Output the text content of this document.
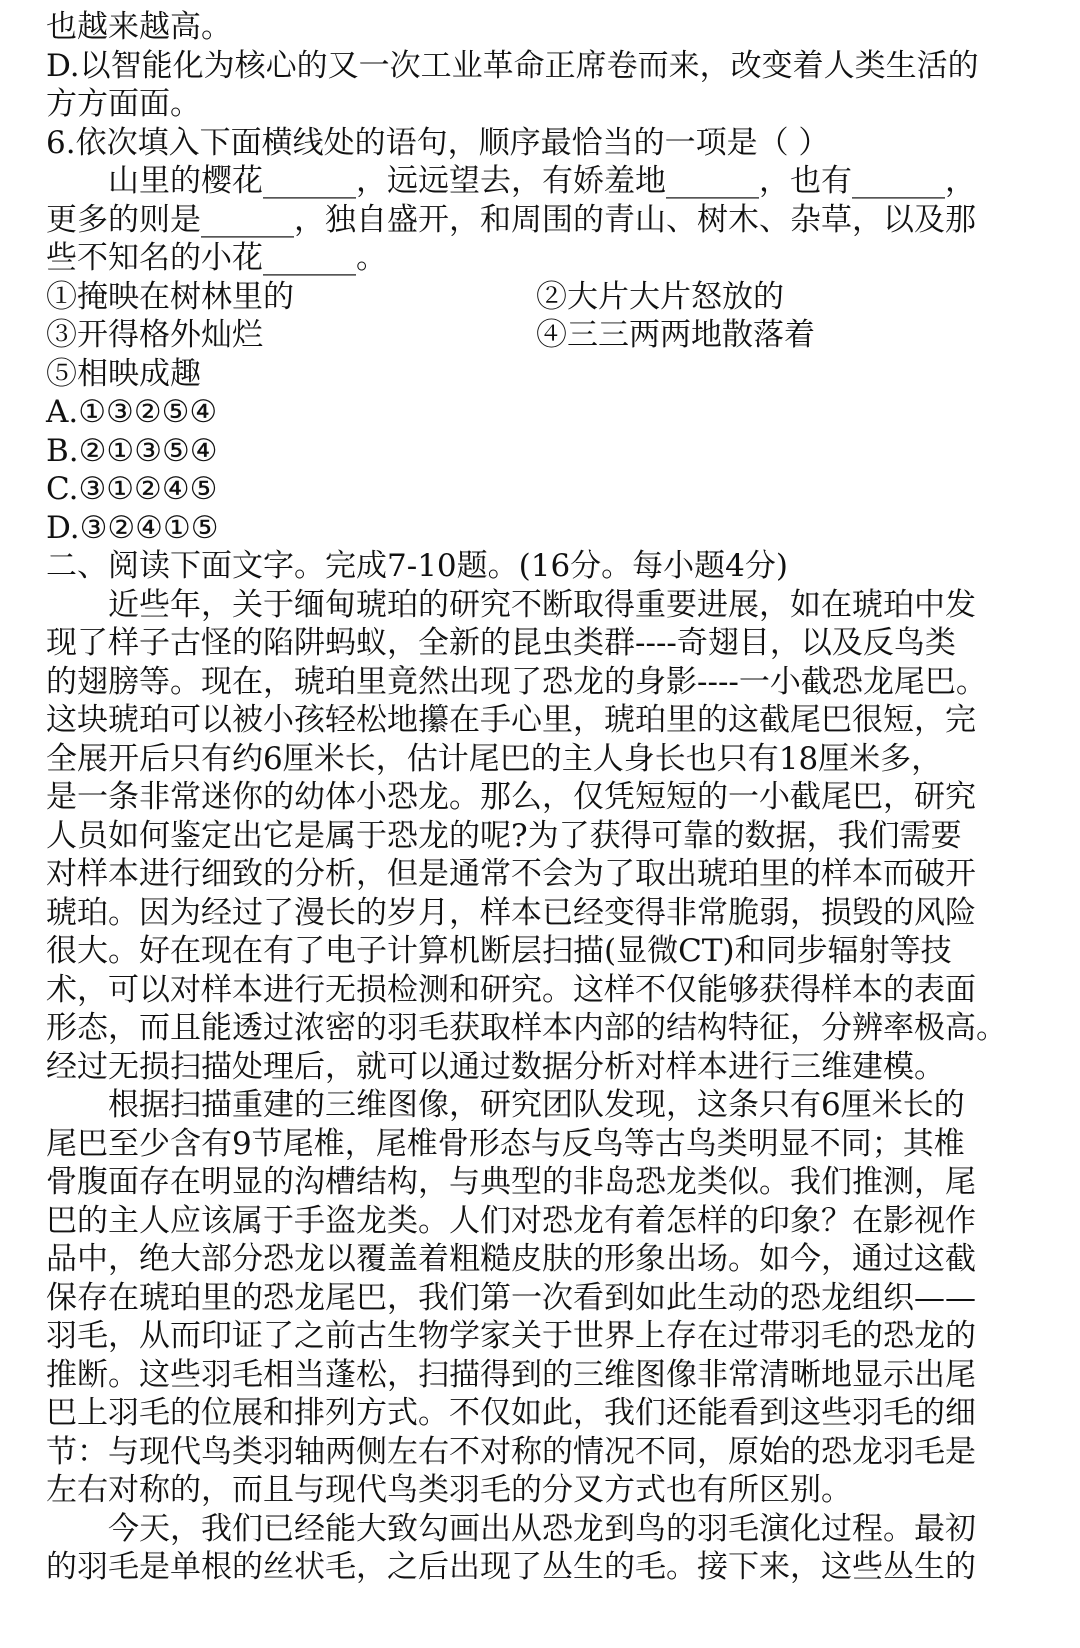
也越来越高。
D.以智能化为核心的又一次工业革命正席卷而来，改变着人类生活的
方方面面。
6.依次填入下面横线处的语句，顺序最恰当的一项是（ ）
山里的樱花______，远远望去，有娇羞地______，也有______，
更多的则是______，独自盛开，和周围的青山、树木、杂草，以及那
些不知名的小花______。
①掩映在树林里的	②大片大片怒放的
③开得格外灿烂	④三三两两地散落着
⑤相映成趣
A.①③②⑤④
B.②①③⑤④
C.③①②④⑤
D.③②④①⑤
二、阅读下面文字。完成7-10题。(16分。每小题4分)
近些年，关于缅甸琥珀的研究不断取得重要进展，如在琥珀中发
现了样子古怪的陷阱蚂蚁，全新的昆虫类群----奇翅目，以及反鸟类
的翅膀等。现在，琥珀里竟然出现了恐龙的身影----一小截恐龙尾巴。
这块琥珀可以被小孩轻松地攥在手心里，琥珀里的这截尾巴很短，完
全展开后只有约6厘米长，估计尾巴的主人身长也只有18厘米多，
是一条非常迷你的幼体小恐龙。那么，仅凭短短的一小截尾巴，研究
人员如何鉴定出它是属于恐龙的呢?为了获得可靠的数据，我们需要
对样本进行细致的分析，但是通常不会为了取出琥珀里的样本而破开
琥珀。因为经过了漫长的岁月，样本已经变得非常脆弱，损毁的风险
很大。好在现在有了电子计算机断层扫描(显微CT)和同步辐射等技
术，可以对样本进行无损检测和研究。这样不仅能够获得样本的表面
形态，而且能透过浓密的羽毛获取样本内部的结构特征，分辨率极高。
经过无损扫描处理后，就可以通过数据分析对样本进行三维建模。
根据扫描重建的三维图像，研究团队发现，这条只有6厘米长的
尾巴至少含有9节尾椎，尾椎骨形态与反鸟等古鸟类明显不同；其椎
骨腹面存在明显的沟槽结构，与典型的非岛恐龙类似。我们推测，尾
巴的主人应该属于手盗龙类。人们对恐龙有着怎样的印象？在影视作
品中，绝大部分恐龙以覆盖着粗糙皮肤的形象出场。如今，通过这截
保存在琥珀里的恐龙尾巴，我们第一次看到如此生动的恐龙组织——
羽毛，从而印证了之前古生物学家关于世界上存在过带羽毛的恐龙的
推断。这些羽毛相当蓬松，扫描得到的三维图像非常清晰地显示出尾
巴上羽毛的位展和排列方式。不仅如此，我们还能看到这些羽毛的细
节：与现代鸟类羽轴两侧左右不对称的情况不同，原始的恐龙羽毛是
左右对称的，而且与现代鸟类羽毛的分叉方式也有所区别。
今天，我们已经能大致勾画出从恐龙到鸟的羽毛演化过程。最初
的羽毛是单根的丝状毛，之后出现了丛生的毛。接下来，这些丛生的
